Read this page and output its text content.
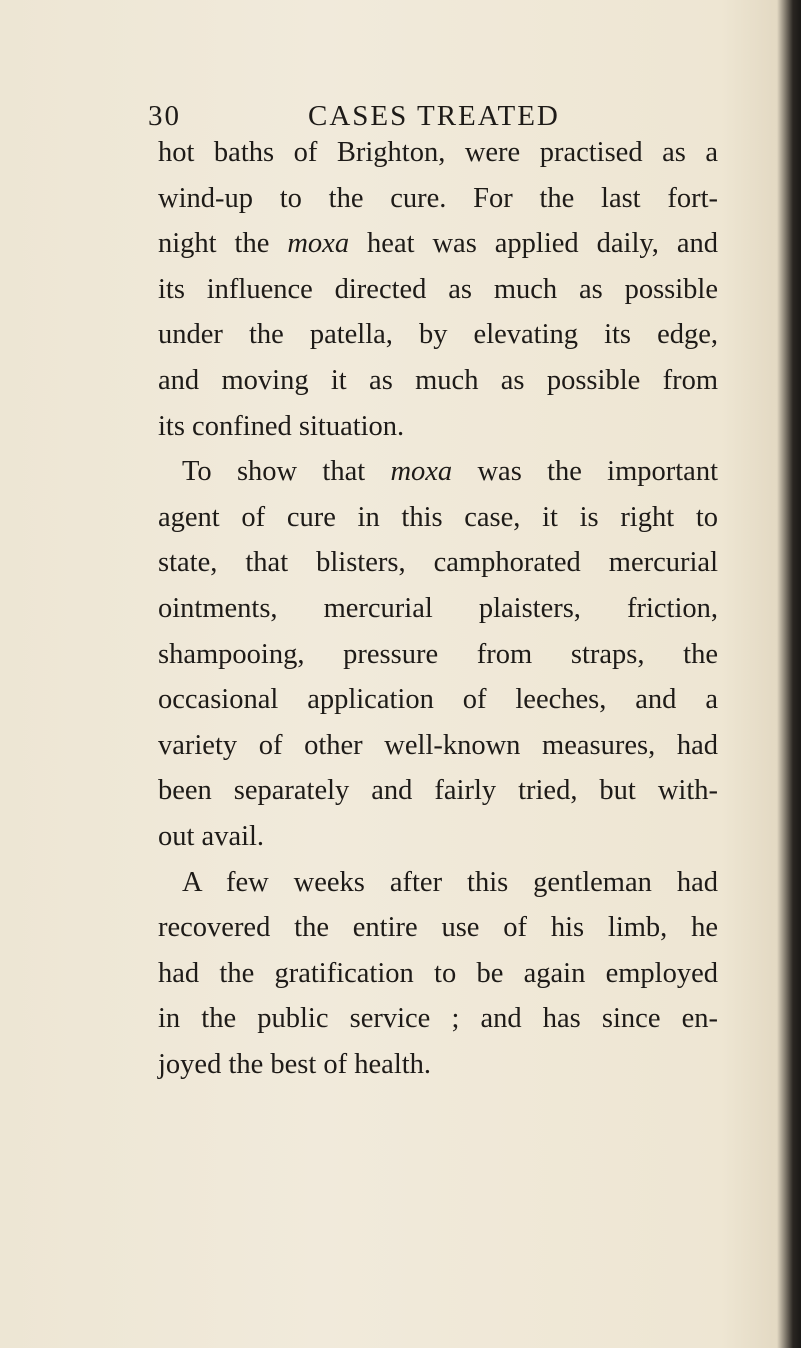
30	CASES TREATED
hot baths of Brighton, were practised as a
wind-up to the cure. For the last fort-
night the moxa heat was applied daily, and
its influence directed as much as possible
under the patella, by elevating its edge,
and moving it as much as possible from
its confined situation.
To show that moxa was the important
agent of cure in this case, it is right to
state, that blisters, camphorated mercurial
ointments, mercurial plaisters, friction,
shampooing, pressure from straps, the
occasional application of leeches, and a
variety of other well-known measures, had
been separately and fairly tried, but with-
out avail.
A few weeks after this gentleman had
recovered the entire use of his limb, he
had the gratification to be again employed
in the public service ; and has since en-
joyed the best of health.
